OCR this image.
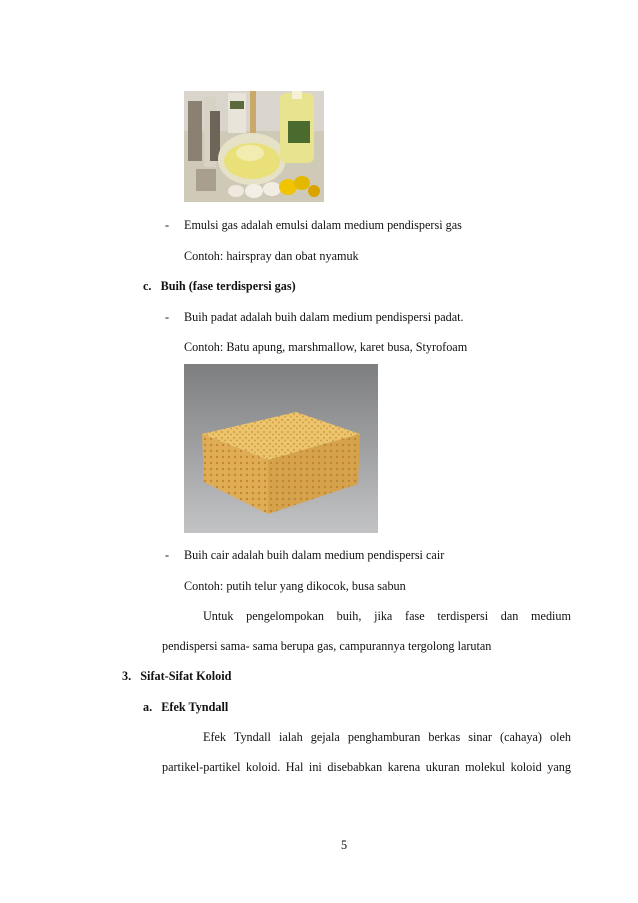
- Emulsi gas adalah emulsi dalam medium pendispersi gas
Contoh: hairspray dan obat nyamuk
c.   Buih (fase terdispersi gas)
- Buih padat adalah buih dalam medium pendispersi padat.
Contoh: Batu apung, marshmallow, karet busa, Styrofoam
- Buih cair adalah buih dalam medium pendispersi cair
Contoh: putih telur yang dikocok, busa sabun
Untuk pengelompokan buih, jika fase terdispersi dan medium
pendispersi sama- sama berupa gas, campurannya tergolong larutan
3.   Sifat-Sifat Koloid
a.   Efek Tyndall
Efek Tyndall ialah gejala penghamburan berkas sinar (cahaya) oleh
partikel-partikel koloid. Hal ini disebabkan karena ukuran molekul koloid yang
5
